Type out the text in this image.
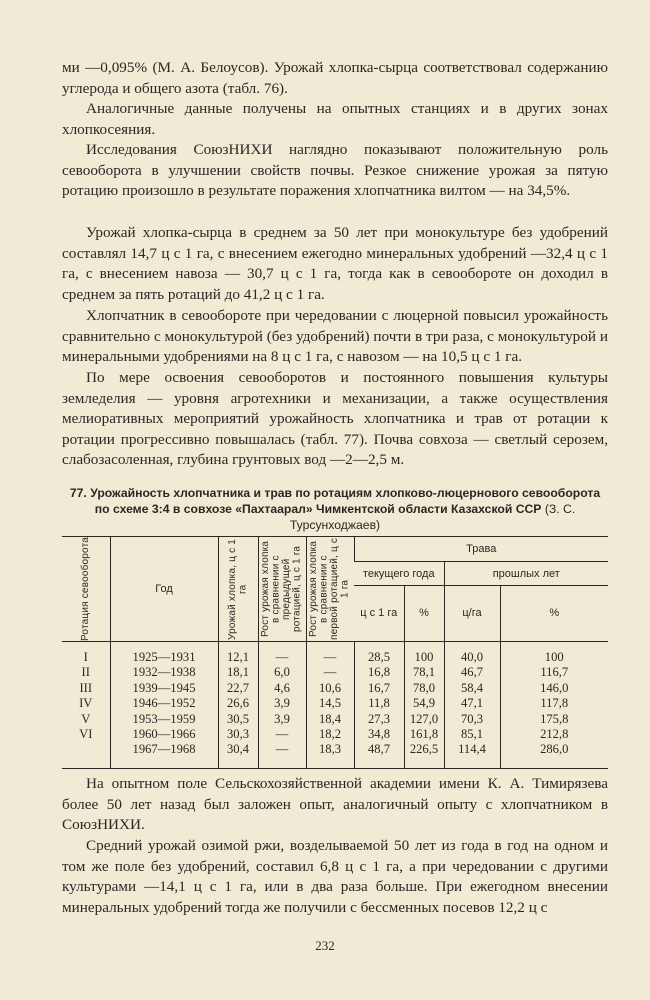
ми —0,095% (М. А. Белоусов). Урожай хлопка-сырца соответствовал содержанию углерода и общего азота (табл. 76).

Аналогичные данные получены на опытных станциях и в других зонах хлопкосеяния.

Исследования СоюзНИХИ наглядно показывают положительную роль севооборота в улучшении свойств почвы. Резкое снижение урожая за пятую ротацию произошло в результате поражения хлопчатника вилтом — на 34,5%.

Урожай хлопка-сырца в среднем за 50 лет при монокультуре без удобрений составлял 14,7 ц с 1 га, с внесением ежегодно минеральных удобрений —32,4 ц с 1 га, с внесением навоза — 30,7 ц с 1 га, тогда как в севообороте он доходил в среднем за пять ротаций до 41,2 ц с 1 га.

Хлопчатник в севообороте при чередовании с люцерной повысил урожайность сравнительно с монокультурой (без удобрений) почти в три раза, с монокультурой и минеральными удобрениями на 8 ц с 1 га, с навозом — на 10,5 ц с 1 га.

По мере освоения севооборотов и постоянного повышения культуры земледелия — уровня агротехники и механизации, а также осуществления мелиоративных мероприятий урожайность хлопчатника и трав от ротации к ротации прогрессивно повышалась (табл. 77). Почва совхоза — светлый серозем, слабозасоленная, глубина грунтовых вод —2—2,5 м.

77. Урожайность хлопчатника и трав по ротациям хлопково-люцернового севооборота по схеме 3:4 в совхозе «Пахтаарал» Чимкентской области Казахской ССР (З. С. Турсунходжаев)

Ротация севооборота	Год	Урожай хлопка, ц с 1 га	Рост урожая хлопка в сравнении с предыдущей ротацией, ц с 1 га	Рост урожая хлопка в сравнении с первой ротацией, ц с 1 га	Трава			
					текущего года		прошлых лет	
					ц с 1 га	%	ц/га	%
I	1925—1931	12,1	—	—	28,5	100	40,0	100
II	1932—1938	18,1	6,0	—	16,8	78,1	46,7	116,7
III	1939—1945	22,7	4,6	10,6	16,7	78,0	58,4	146,0
IV	1946—1952	26,6	3,9	14,5	11,8	54,9	47,1	117,8
V	1953—1959	30,5	3,9	18,4	27,3	127,0	70,3	175,8
VI	1960—1966	30,3	—	18,2	34,8	161,8	85,1	212,8
	1967—1968	30,4	—	18,3	48,7	226,5	114,4	286,0

На опытном поле Сельскохозяйственной академии имени К. А. Тимирязева более 50 лет назад был заложен опыт, аналогичный опыту с хлопчатником в СоюзНИХИ.

Средний урожай озимой ржи, возделываемой 50 лет из года в год на одном и том же поле без удобрений, составил 6,8 ц с 1 га, а при чередовании с другими культурами —14,1 ц с 1 га, или в два раза больше. При ежегодном внесении минеральных удобрений тогда же получили с бессменных посевов 12,2 ц с

232
